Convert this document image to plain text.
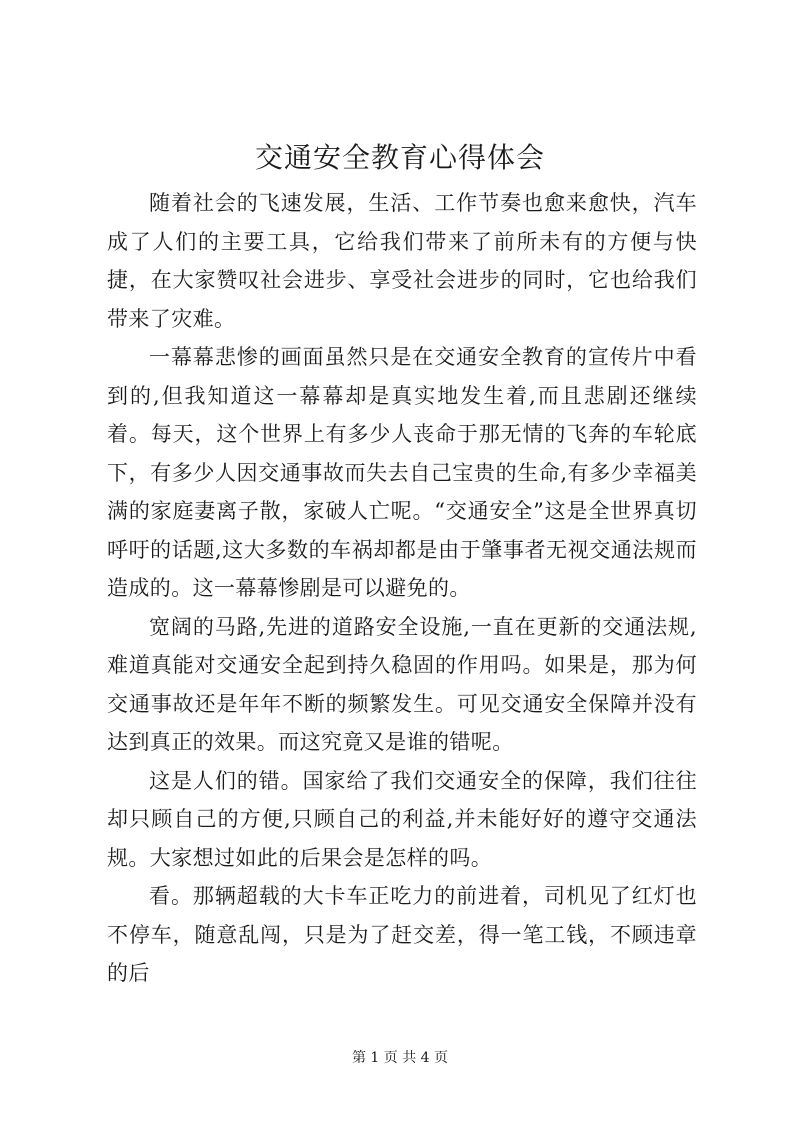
交通安全教育心得体会

随着社会的飞速发展，生活、工作节奏也愈来愈快，汽车成了人们的主要工具，它给我们带来了前所未有的方便与快捷，在大家赞叹社会进步、享受社会进步的同时，它也给我们带来了灾难。

一幕幕悲惨的画面虽然只是在交通安全教育的宣传片中看到的,但我知道这一幕幕却是真实地发生着,而且悲剧还继续着。每天，这个世界上有多少人丧命于那无情的飞奔的车轮底下，有多少人因交通事故而失去自己宝贵的生命,有多少幸福美满的家庭妻离子散，家破人亡呢。“交通安全”这是全世界真切呼吁的话题,这大多数的车祸却都是由于肇事者无视交通法规而造成的。这一幕幕惨剧是可以避免的。

宽阔的马路,先进的道路安全设施,一直在更新的交通法规,难道真能对交通安全起到持久稳固的作用吗。如果是，那为何交通事故还是年年不断的频繁发生。可见交通安全保障并没有达到真正的效果。而这究竟又是谁的错呢。

这是人们的错。国家给了我们交通安全的保障，我们往往却只顾自己的方便,只顾自己的利益,并未能好好的遵守交通法规。大家想过如此的后果会是怎样的吗。

看。那辆超载的大卡车正吃力的前进着，司机见了红灯也不停车，随意乱闯，只是为了赶交差，得一笔工钱，不顾违章的后

第 1 页 共 4 页
